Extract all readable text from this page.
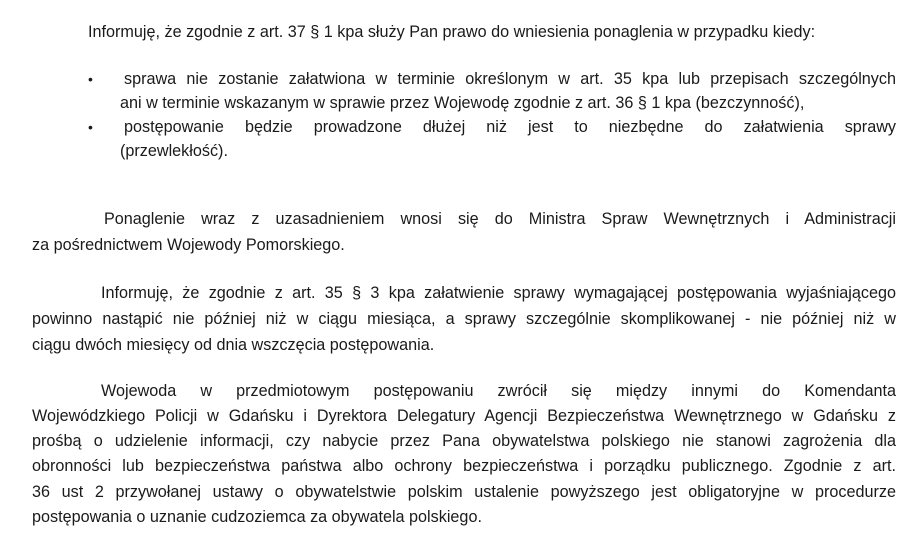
Informuję, że zgodnie z art. 37 § 1 kpa służy Pan prawo do wniesienia ponaglenia w przypadku kiedy:
• sprawa nie zostanie załatwiona w terminie określonym w art. 35 kpa lub przepisach szczególnych
ani w terminie wskazanym w sprawie przez Wojewodę zgodnie z art. 36 § 1 kpa (bezczynność),
• postępowanie będzie prowadzone dłużej niż jest to niezbędne do załatwienia sprawy
(przewlekłość).
Ponaglenie wraz z uzasadnieniem wnosi się do Ministra Spraw Wewnętrznych i Administracji
za pośrednictwem Wojewody Pomorskiego.
Informuję, że zgodnie z art. 35 § 3 kpa załatwienie sprawy wymagającej postępowania wyjaśniającego
powinno nastąpić nie później niż w ciągu miesiąca, a sprawy szczególnie skomplikowanej - nie później niż w
ciągu dwóch miesięcy od dnia wszczęcia postępowania.
Wojewoda w przedmiotowym postępowaniu zwrócił się między innymi do Komendanta
Wojewódzkiego Policji w Gdańsku i Dyrektora Delegatury Agencji Bezpieczeństwa Wewnętrznego w Gdańsku z
prośbą o udzielenie informacji, czy nabycie przez Pana obywatelstwa polskiego nie stanowi zagrożenia dla
obronności lub bezpieczeństwa państwa albo ochrony bezpieczeństwa i porządku publicznego. Zgodnie z art.
36 ust 2 przywołanej ustawy o obywatelstwie polskim ustalenie powyższego jest obligatoryjne w procedurze
postępowania o uznanie cudzoziemca za obywatela polskiego.
